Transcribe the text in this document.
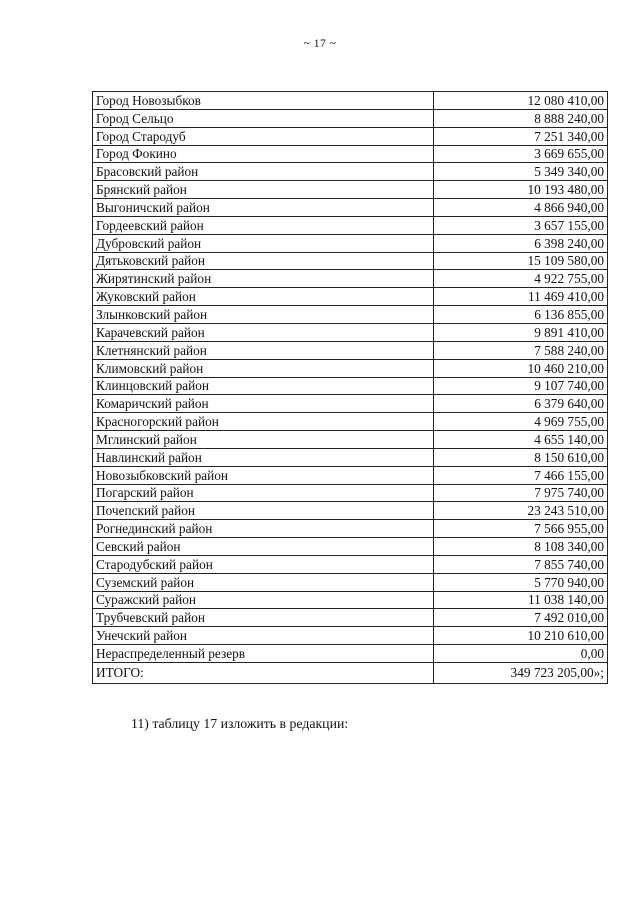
~ 17 ~
Город Новозыбков	12 080 410,00
Город Сельцо	8 888 240,00
Город Стародуб	7 251 340,00
Город Фокино	3 669 655,00
Брасовский район	5 349 340,00
Брянский район	10 193 480,00
Выгоничский район	4 866 940,00
Гордеевский район	3 657 155,00
Дубровский район	6 398 240,00
Дятьковский район	15 109 580,00
Жирятинский район	4 922 755,00
Жуковский район	11 469 410,00
Злынковский район	6 136 855,00
Карачевский район	9 891 410,00
Клетнянский район	7 588 240,00
Климовский район	10 460 210,00
Клинцовский район	9 107 740,00
Комаричский район	6 379 640,00
Красногорский район	4 969 755,00
Мглинский район	4 655 140,00
Навлинский район	8 150 610,00
Новозыбковский район	7 466 155,00
Погарский район	7 975 740,00
Почепский район	23 243 510,00
Рогнединский район	7 566 955,00
Севский район	8 108 340,00
Стародубский район	7 855 740,00
Суземский район	5 770 940,00
Суражский район	11 038 140,00
Трубчевский район	7 492 010,00
Унечский район	10 210 610,00
Нераспределенный резерв	0,00
ИТОГО:	349 723 205,00»;
11) таблицу 17 изложить в редакции:
